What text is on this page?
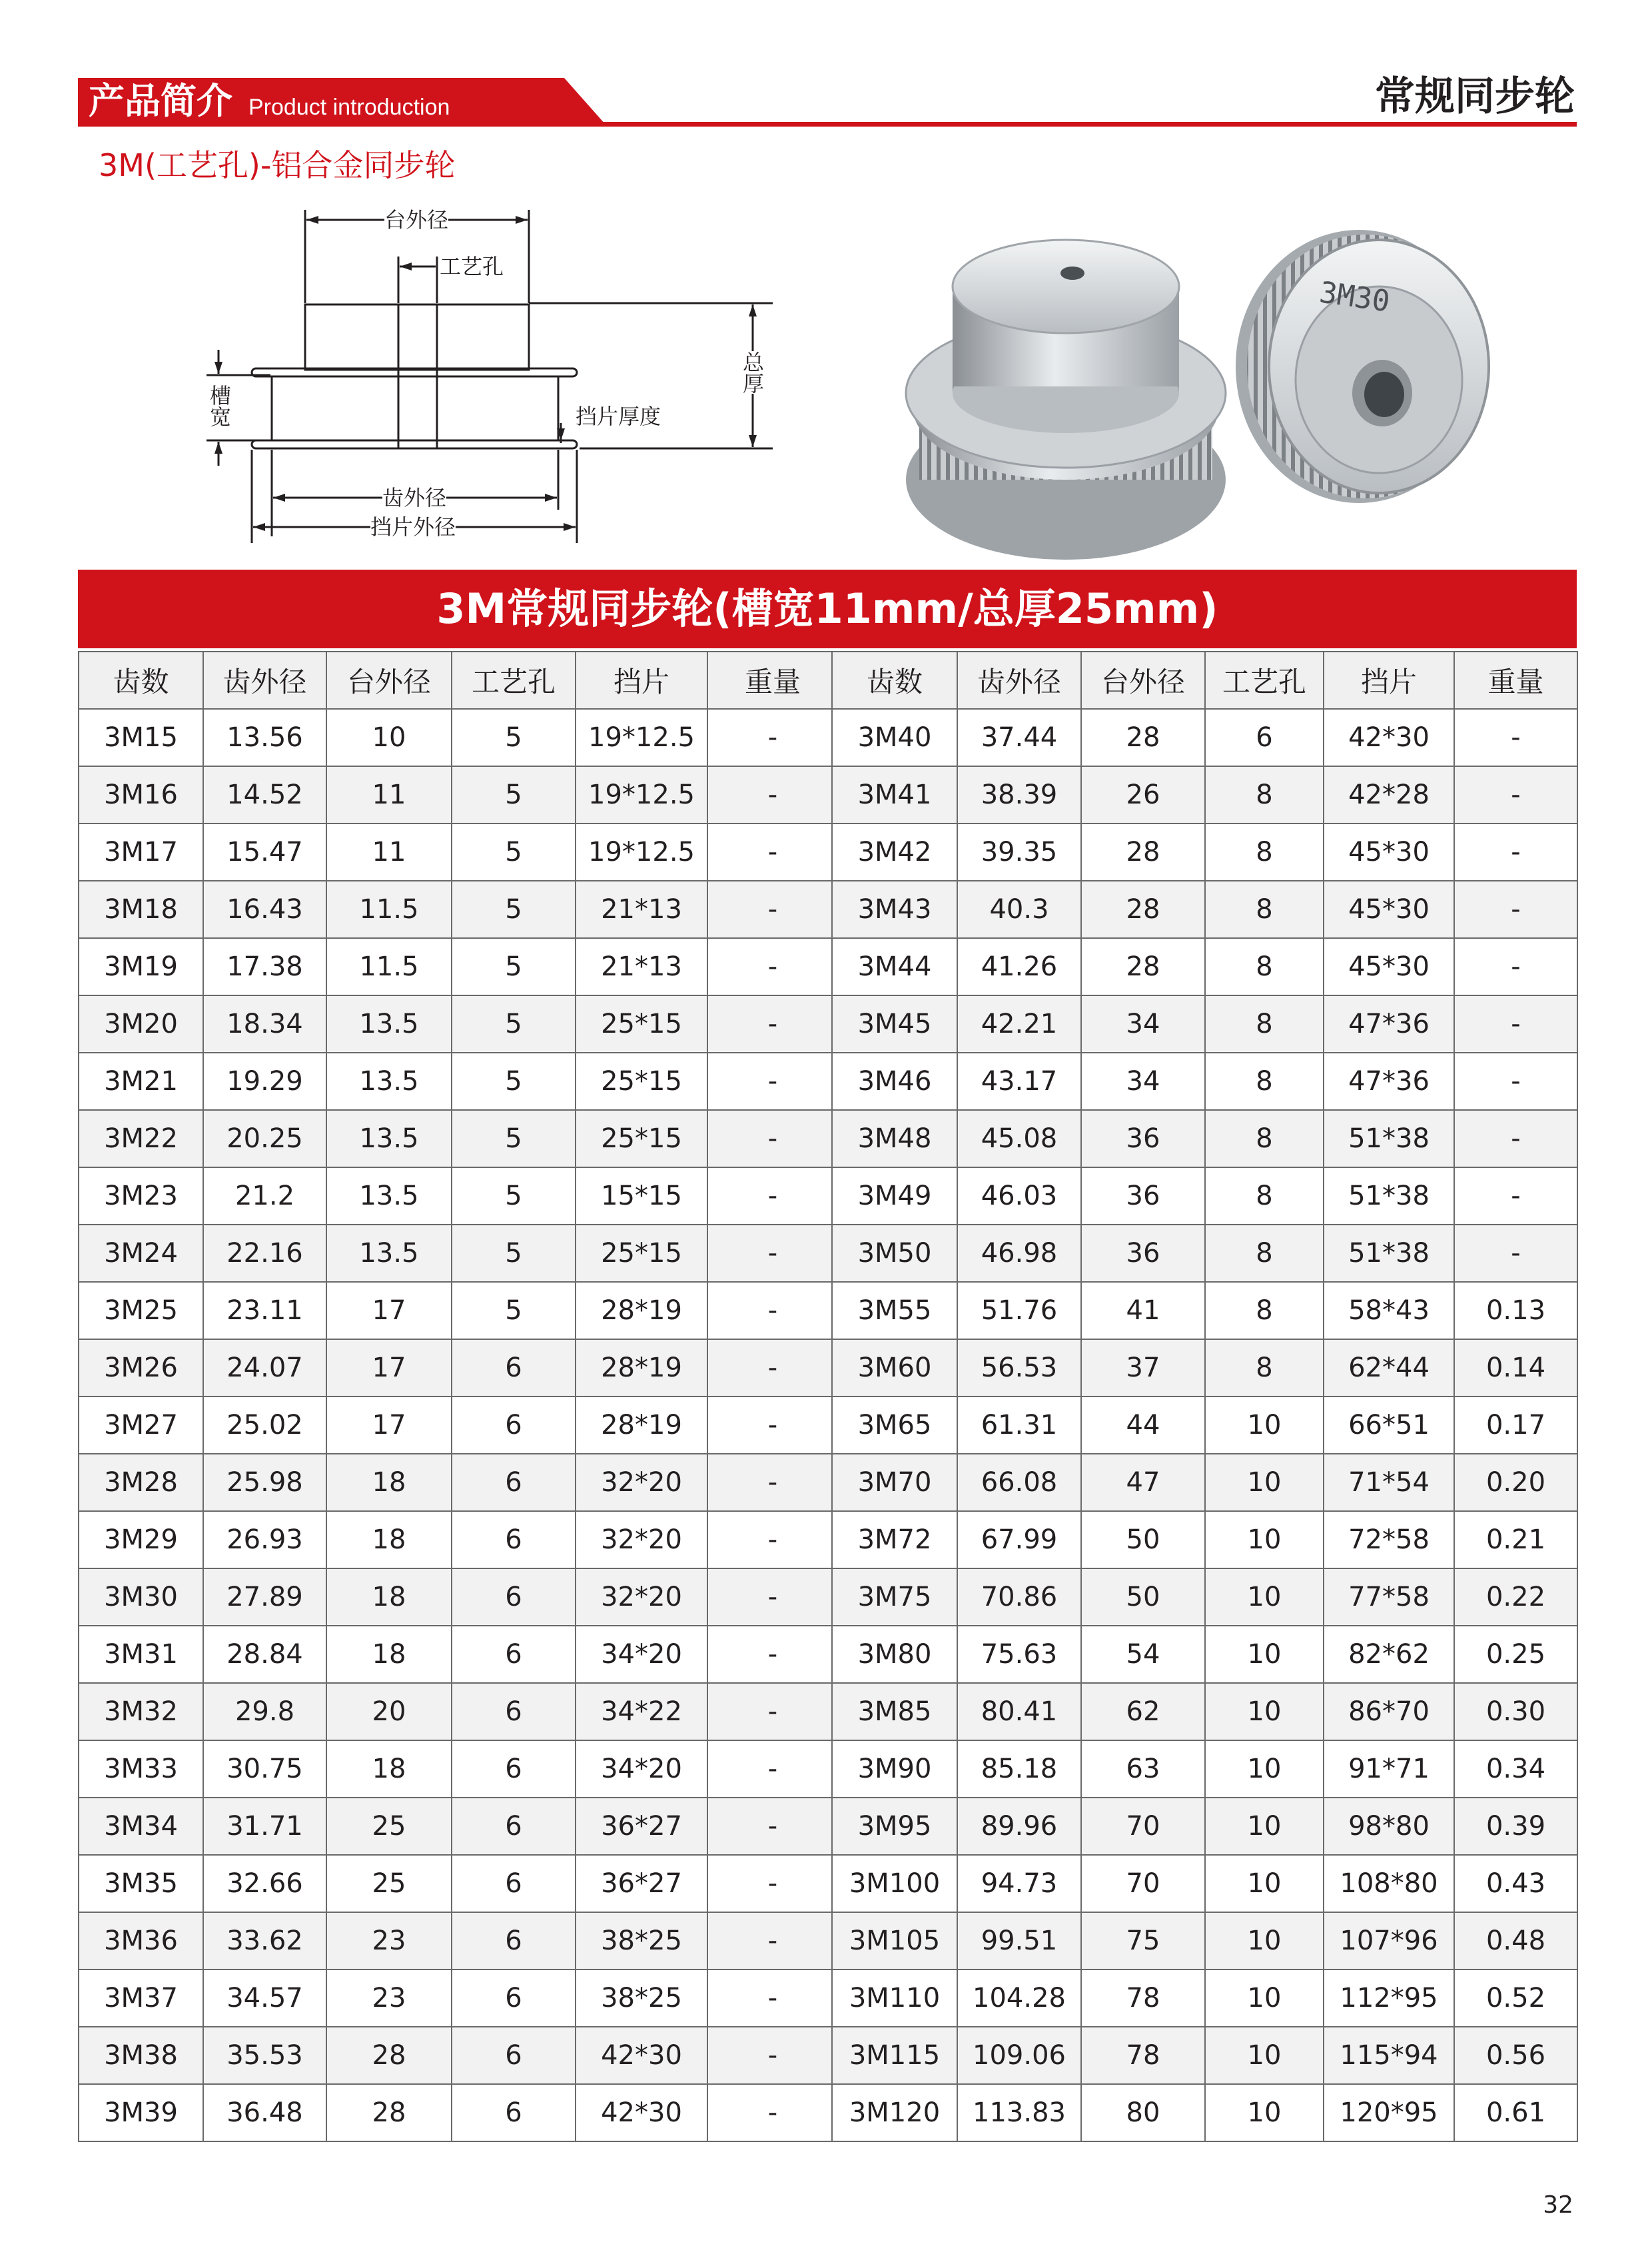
产品简介 Product introduction	常规同步轮
3M(工艺孔)-铝合金同步轮
台外径
工艺孔
总厚
槽宽	挡片厚度
齿外径
挡片外径
3M30
3M常规同步轮(槽宽11mm/总厚25mm)
齿数	齿外径	台外径	工艺孔	挡片	重量
3M15	13.56	10	5	19*12.5	-
3M16	14.52	11	5	19*12.5	-
3M17	15.47	11	5	19*12.5	-
3M18	16.43	11.5	5	21*13	-
3M19	17.38	11.5	5	21*13	-
3M20	18.34	13.5	5	25*15	-
3M21	19.29	13.5	5	25*15	-
3M22	20.25	13.5	5	25*15	-
3M23	21.2	13.5	5	15*15	-
3M24	22.16	13.5	5	25*15	-
3M25	23.11	17	5	28*19	-
3M26	24.07	17	6	28*19	-
3M27	25.02	17	6	28*19	-
3M28	25.98	18	6	32*20	-
3M29	26.93	18	6	32*20	-
3M30	27.89	18	6	32*20	-
3M31	28.84	18	6	34*20	-
3M32	29.8	20	6	34*22	-
3M33	30.75	18	6	34*20	-
3M34	31.71	25	6	36*27	-
3M35	32.66	25	6	36*27	-
3M36	33.62	23	6	38*25	-
3M37	34.57	23	6	38*25	-
3M38	35.53	28	6	42*30	-
3M39	36.48	28	6	42*30	-
齿数	齿外径	台外径	工艺孔	挡片	重量
3M40	37.44	28	6	42*30	-
3M41	38.39	26	8	42*28	-
3M42	39.35	28	8	45*30	-
3M43	40.3	28	8	45*30	-
3M44	41.26	28	8	45*30	-
3M45	42.21	34	8	47*36	-
3M46	43.17	34	8	47*36	-
3M48	45.08	36	8	51*38	-
3M49	46.03	36	8	51*38	-
3M50	46.98	36	8	51*38	-
3M55	51.76	41	8	58*43	0.13
3M60	56.53	37	8	62*44	0.14
3M65	61.31	44	10	66*51	0.17
3M70	66.08	47	10	71*54	0.20
3M72	67.99	50	10	72*58	0.21
3M75	70.86	50	10	77*58	0.22
3M80	75.63	54	10	82*62	0.25
3M85	80.41	62	10	86*70	0.30
3M90	85.18	63	10	91*71	0.34
3M95	89.96	70	10	98*80	0.39
3M100	94.73	70	10	108*80	0.43
3M105	99.51	75	10	107*96	0.48
3M110	104.28	78	10	112*95	0.52
3M115	109.06	78	10	115*94	0.56
3M120	113.83	80	10	120*95	0.61
32
